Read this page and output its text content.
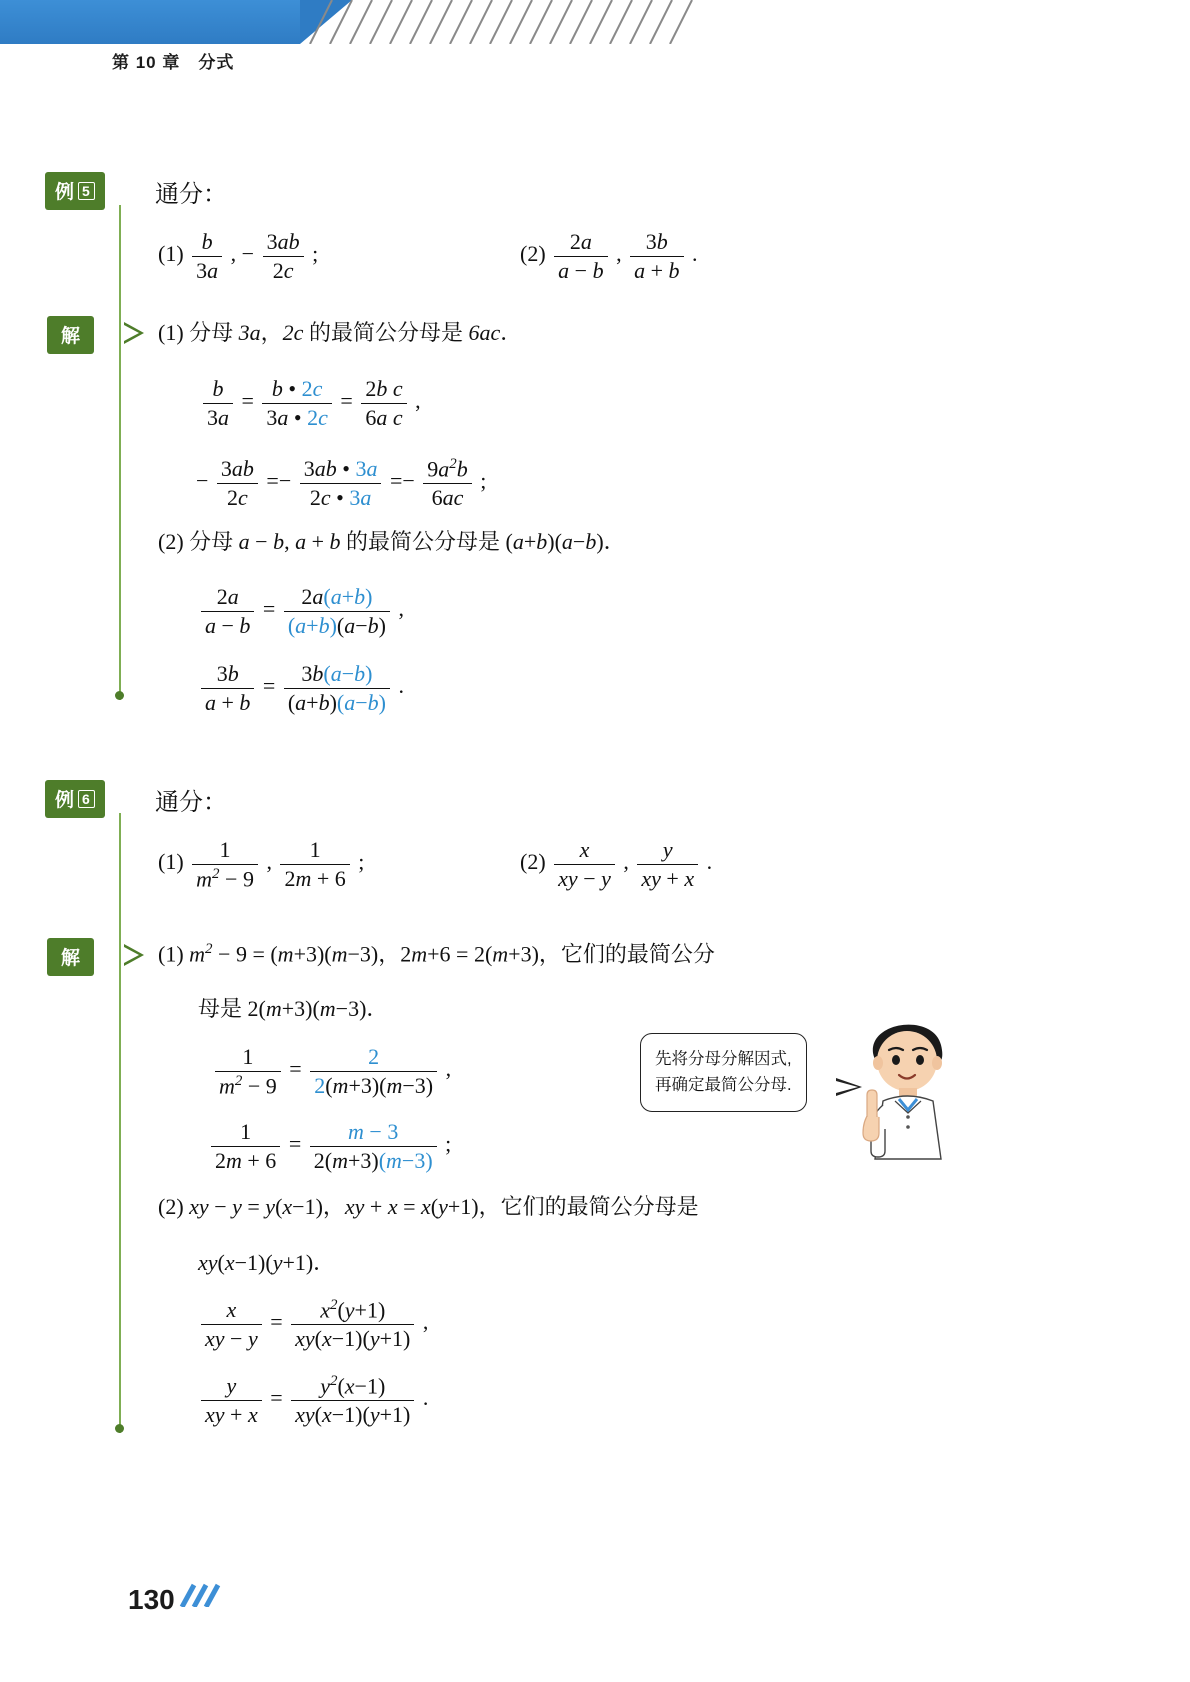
第 10 章　分式
例 5	通分：
$(1) \frac{b}{3a}$ , − $\frac{3ab}{2c}$ ;	$(2) \frac{2a}{a - b}$ , $\frac{3b}{a + b}$ .
解	(1) 分母 3a，2c 的最简公分母是 6ac．
$\frac{b}{3a} = \frac{b • 2c}{3a • 2c} = \frac{\text{2b c}}{\text{6a c}}$ ,
− $\frac{3ab}{2c} =- \frac{3ab • 3a}{2c • 3a} =- \frac{9a^2b}{6ac}$ ;
(2) 分母 a − b, a + b 的最简公分母是 (a+b)(a−b)．
$\frac{2a}{a - b} = \frac{2a(a+b)}{(a+b)(a-b)}$ ,
$\frac{3b}{a + b} = \frac{3b(a-b)}{(a+b)(a-b)}$ .
例 6	通分：
$(1) \frac{1}{m^2 - 9}$ , $\frac{1}{2m + 6}$ ;	$(2) \frac{x}{xy - y}$ , $\frac{y}{xy + x}$ .
解	(1) $m^2 - 9 = (m+3)(m-3)$，2m+6 = 2(m+3)，它们的最简公分
母是 2(m+3)(m−3)．
$\frac{1}{m^2 - 9} = \frac{2}{2(m+3)(m-3)}$ ,
$\frac{1}{2m + 6} = \frac{m - 3}{2(m+3)(m-3)}$ ;
(2) xy − y = y(x−1)，xy + x = x(y+1)，它们的最简公分母是
xy(x−1)(y+1)．
$\frac{x}{xy - y} = \frac{x^2(y+1)}{xy(x-1)(y+1)}$ ,
$\frac{y}{xy + x} = \frac{y^2(x-1)}{xy(x-1)(y+1)}$ .
先将分母分解因式,
再确定最简公分母.
130
